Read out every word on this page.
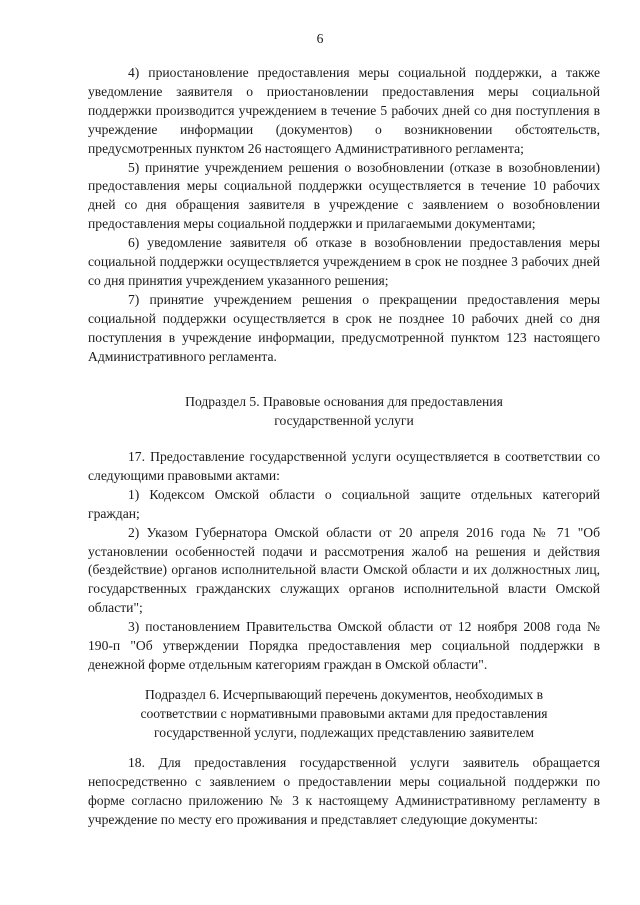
6

4) приостановление предоставления меры социальной поддержки, а также уведомление заявителя о приостановлении предоставления меры социальной поддержки производится учреждением в течение 5 рабочих дней со дня поступления в учреждение информации (документов) о возникновении обстоятельств, предусмотренных пунктом 26 настоящего Административного регламента;

5) принятие учреждением решения о возобновлении (отказе в возобновлении) предоставления меры социальной поддержки осуществляется в течение 10 рабочих дней со дня обращения заявителя в учреждение с заявлением о возобновлении предоставления меры социальной поддержки и прилагаемыми документами;

6) уведомление заявителя об отказе в возобновлении предоставления меры социальной поддержки осуществляется учреждением в срок не позднее 3 рабочих дней со дня принятия учреждением указанного решения;

7) принятие учреждением решения о прекращении предоставления меры социальной поддержки осуществляется в срок не позднее 10 рабочих дней со дня поступления в учреждение информации, предусмотренной пунктом 123 настоящего Административного регламента.

Подраздел 5. Правовые основания для предоставления
государственной услуги

17. Предоставление государственной услуги осуществляется в соответствии со следующими правовыми актами:

1) Кодексом Омской области о социальной защите отдельных категорий граждан;

2) Указом Губернатора Омской области от 20 апреля 2016 года № 71 "Об установлении особенностей подачи и рассмотрения жалоб на решения и действия (бездействие) органов исполнительной власти Омской области и их должностных лиц, государственных гражданских служащих органов исполнительной власти Омской области";

3) постановлением Правительства Омской области от 12 ноября 2008 года № 190-п "Об утверждении Порядка предоставления мер социальной поддержки в денежной форме отдельным категориям граждан в Омской области".

Подраздел 6. Исчерпывающий перечень документов, необходимых в
соответствии с нормативными правовыми актами для предоставления
государственной услуги, подлежащих представлению заявителем

18. Для предоставления государственной услуги заявитель обращается непосредственно с заявлением о предоставлении меры социальной поддержки по форме согласно приложению № 3 к настоящему Административному регламенту в учреждение по месту его проживания и представляет следующие документы:
